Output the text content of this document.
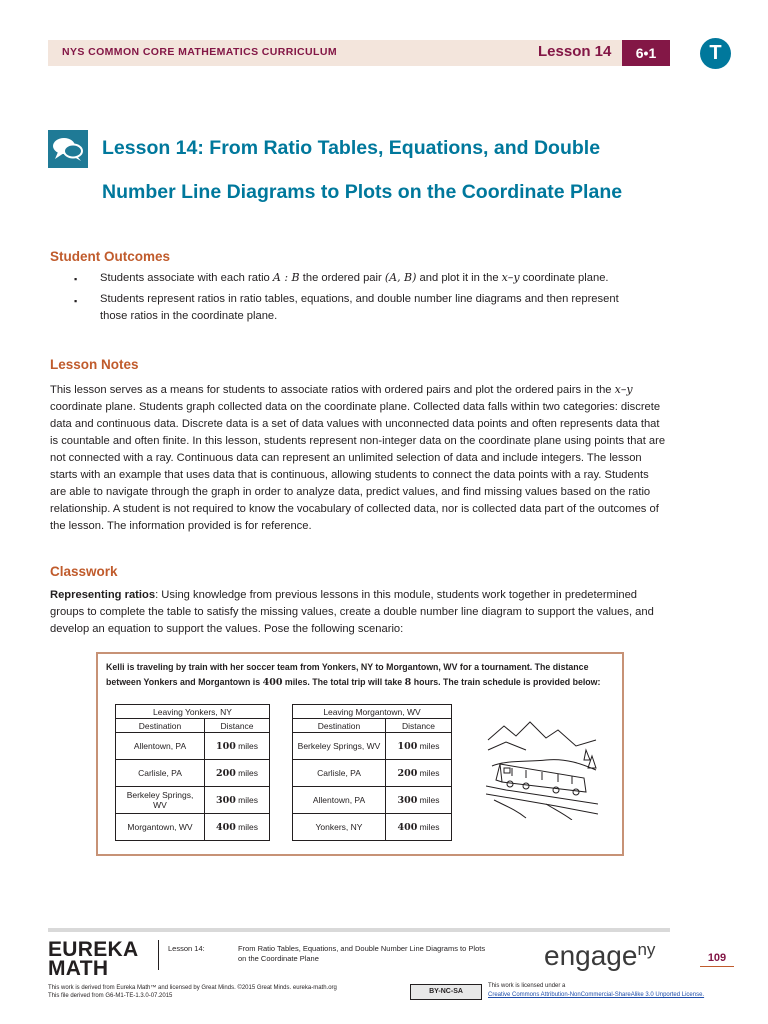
NYS COMMON CORE MATHEMATICS CURRICULUM	Lesson 14	6•1	T
Lesson 14: From Ratio Tables, Equations, and Double
Number Line Diagrams to Plots on the Coordinate Plane
Student Outcomes
▪	Students associate with each ratio A : B the ordered pair (A, B) and plot it in the x–y coordinate plane.
▪	Students represent ratios in ratio tables, equations, and double number line diagrams and then represent those ratios in the coordinate plane.
Lesson Notes
This lesson serves as a means for students to associate ratios with ordered pairs and plot the ordered pairs in the x–y coordinate plane. Students graph collected data on the coordinate plane. Collected data falls within two categories: discrete data and continuous data. Discrete data is a set of data values with unconnected data points and often represents data that is countable and often finite. In this lesson, students represent non-integer data on the coordinate plane using points that are not connected with a ray. Continuous data can represent an unlimited selection of data and include integers. The lesson starts with an example that uses data that is continuous, allowing students to connect the data points with a ray. Students are able to navigate through the graph in order to analyze data, predict values, and find missing values based on the ratio relationship. A student is not required to know the vocabulary of collected data, nor is collected data part of the outcomes of the lesson. The information provided is for reference.
Classwork
Representing ratios: Using knowledge from previous lessons in this module, students work together in predetermined groups to complete the table to satisfy the missing values, create a double number line diagram to support the values, and develop an equation to support the values. Pose the following scenario:
Kelli is traveling by train with her soccer team from Yonkers, NY to Morgantown, WV for a tournament. The distance between Yonkers and Morgantown is 400 miles. The total trip will take 8 hours. The train schedule is provided below:
Leaving Yonkers, NY	
Destination	Distance
Allentown, PA	100 miles
Carlisle, PA	200 miles
Berkeley Springs, WV	300 miles
Morgantown, WV	400 miles
Leaving Morgantown, WV	
Destination	Distance
Berkeley Springs, WV	100 miles
Carlisle, PA	200 miles
Allentown, PA	300 miles
Yonkers, NY	400 miles
EUREKA
MATH
Lesson 14:	From Ratio Tables, Equations, and Double Number Line Diagrams to Plots
on the Coordinate Plane	engage$^{ny}$	109
This work is derived from Eureka Math™ and licensed by Great Minds. ©2015 Great Minds. eureka-math.org
This file derived from G6-M1-TE-1.3.0-07.2015
BY-NC-SA
This work is licensed under a
Creative Commons Attribution-NonCommercial-ShareAlike 3.0 Unported License.
